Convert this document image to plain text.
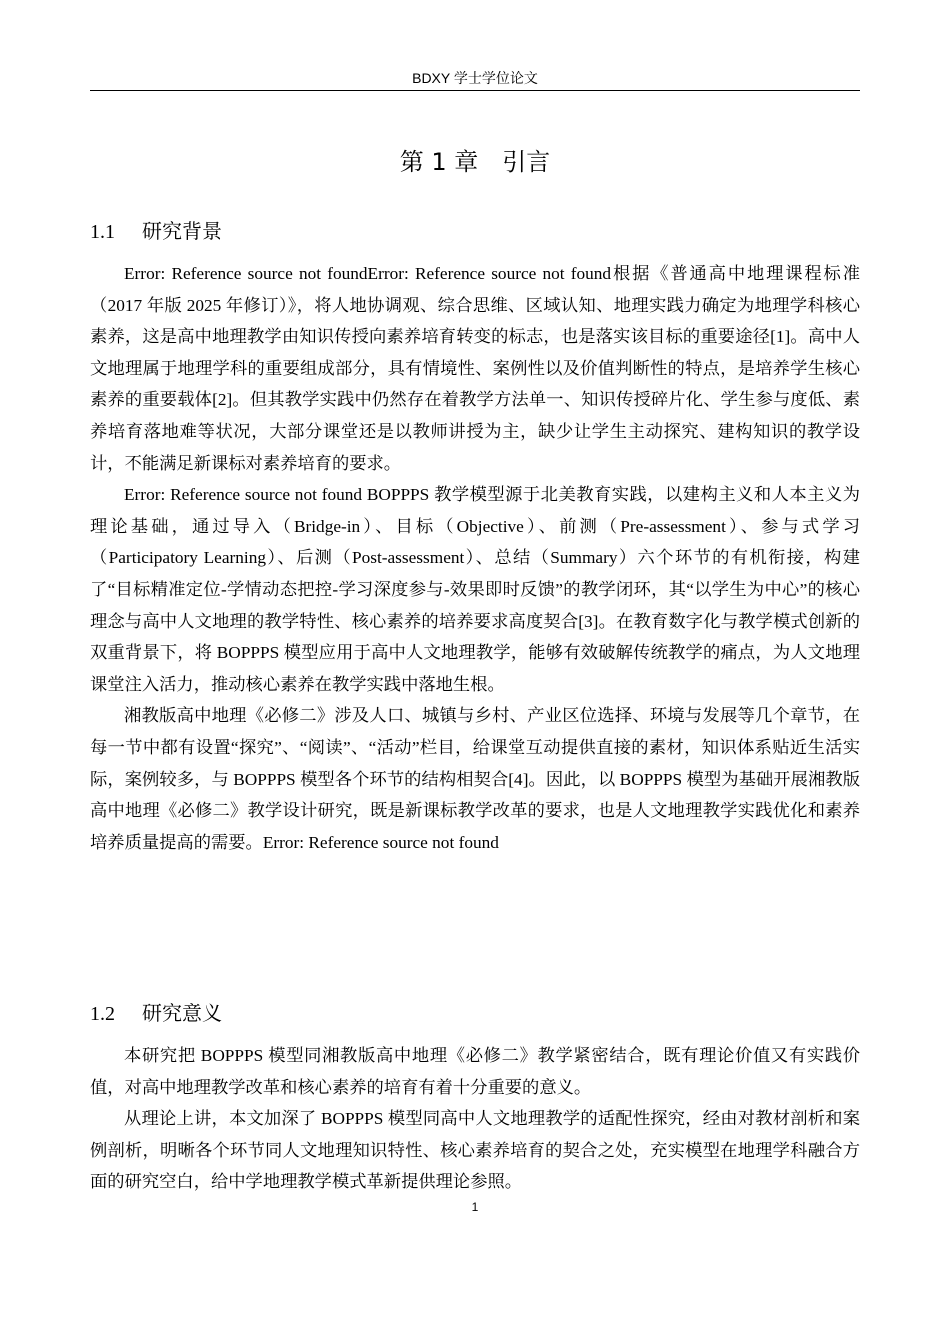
BDXY 学士学位论文
第 1 章 引言
1.1 研究背景

Error: Reference source not foundError: Reference source not found根据《普通高中地理课程标准（2017 年版 2025 年修订）》，将人地协调观、综合思维、区域认知、地理实践力确定为地理学科核心素养，这是高中地理教学由知识传授向素养培育转变的标志，也是落实该目标的重要途径[1]。高中人文地理属于地理学科的重要组成部分，具有情境性、案例性以及价值判断性的特点，是培养学生核心素养的重要载体[2]。但其教学实践中仍然存在着教学方法单一、知识传授碎片化、学生参与度低、素养培育落地难等状况，大部分课堂还是以教师讲授为主，缺少让学生主动探究、建构知识的教学设计，不能满足新课标对素养培育的要求。

Error: Reference source not found BOPPPS 教学模型源于北美教育实践，以建构主义和人本主义为理论基础，通过导入（Bridge-in）、目标（Objective）、前测（Pre-assessment）、参与式学习（Participatory Learning）、后测（Post-assessment）、总结（Summary）六个环节的有机衔接，构建了“目标精准定位-学情动态把控-学习深度参与-效果即时反馈”的教学闭环，其“以学生为中心”的核心理念与高中人文地理的教学特性、核心素养的培养要求高度契合[3]。在教育数字化与教学模式创新的双重背景下，将 BOPPPS 模型应用于高中人文地理教学，能够有效破解传统教学的痛点，为人文地理课堂注入活力，推动核心素养在教学实践中落地生根。

湘教版高中地理《必修二》涉及人口、城镇与乡村、产业区位选择、环境与发展等几个章节，在每一节中都有设置“探究”、“阅读”、“活动”栏目，给课堂互动提供直接的素材，知识体系贴近生活实际，案例较多，与 BOPPPS 模型各个环节的结构相契合[4]。因此，以 BOPPPS 模型为基础开展湘教版高中地理《必修二》教学设计研究，既是新课标教学改革的要求，也是人文地理教学实践优化和素养培养质量提高的需要。Error: Reference source not found

1.2 研究意义

本研究把 BOPPPS 模型同湘教版高中地理《必修二》教学紧密结合，既有理论价值又有实践价值，对高中地理教学改革和核心素养的培育有着十分重要的意义。

从理论上讲，本文加深了 BOPPPS 模型同高中人文地理教学的适配性探究，经由对教材剖析和案例剖析，明晰各个环节同人文地理知识特性、核心素养培育的契合之处，充实模型在地理学科融合方面的研究空白，给中学地理教学模式革新提供理论参照。

1
